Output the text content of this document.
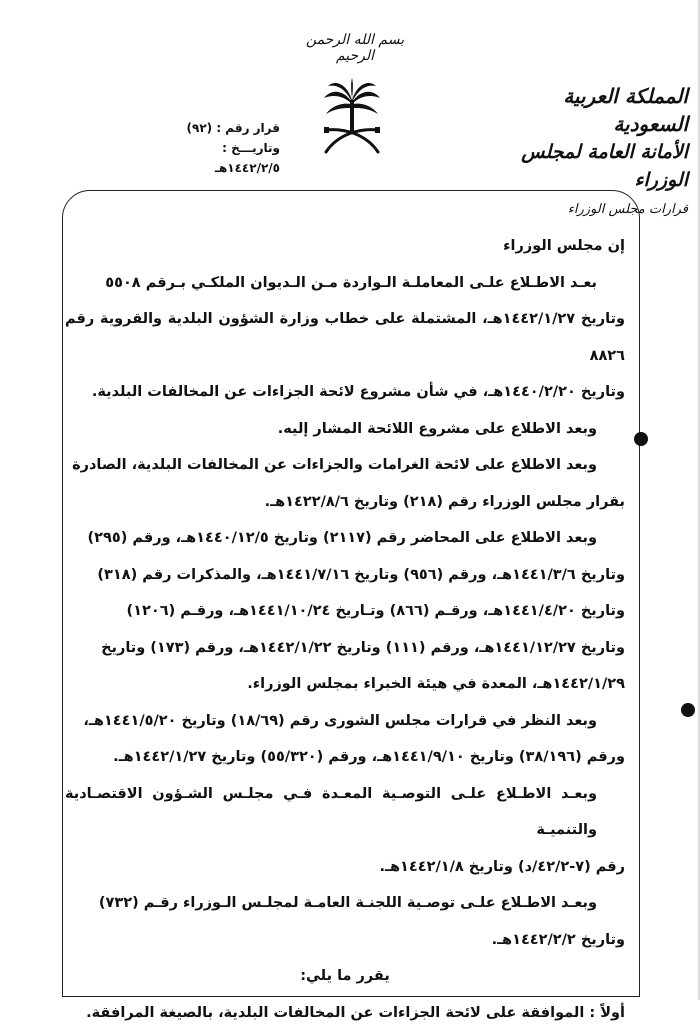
بسم الله الرحمن الرحيم
المملكة العربية السعودية
الأمانة العامة لمجلس الوزراء
قرارات مجلس الوزراء
قرار رقم : (٩٢)
وتاريـــخ : ١٤٤٢/٢/٥هـ

إن مجلس الوزراء

بعـد الاطـلاع علـى المعاملـة الـواردة مـن الـديوان الملكـي بـرقم ٥٥٠٨

وتاريخ ١٤٤٢/١/٢٧هـ، المشتملة على خطاب وزارة الشؤون البلدية والقروية رقم ٨٨٢٦

وتاريخ ١٤٤٠/٢/٢٠هـ، في شأن مشروع لائحة الجزاءات عن المخالفات البلدية.

وبعد الاطلاع على مشروع اللائحة المشار إليه.

وبعد الاطلاع على لائحة الغرامات والجزاءات عن المخالفات البلدية، الصادرة

بقرار مجلس الوزراء رقم (٢١٨) وتاريخ ١٤٢٢/٨/٦هـ.

وبعد الاطلاع على المحاضر رقم (٢١١٧) وتاريخ ١٤٤٠/١٢/٥هـ، ورقم (٢٩٥)

وتاريخ ١٤٤١/٣/٦هـ، ورقم (٩٥٦) وتاريخ ١٤٤١/٧/١٦هـ، والمذكرات رقم (٣١٨)

وتاريخ ١٤٤١/٤/٢٠هـ، ورقـم (٨٦٦) وتـاريخ ١٤٤١/١٠/٢٤هـ، ورقـم (١٢٠٦)

وتاريخ ١٤٤١/١٢/٢٧هـ، ورقم (١١١) وتاريخ ١٤٤٢/١/٢٢هـ، ورقم (١٧٣) وتاريخ

١٤٤٢/١/٢٩هـ، المعدة في هيئة الخبراء بمجلس الوزراء.

وبعد النظر في قرارات مجلس الشورى رقم (١٨/٦٩) وتاريخ ١٤٤١/٥/٢٠هـ،

ورقم (٣٨/١٩٦) وتاريخ ١٤٤١/٩/١٠هـ، ورقم (٥٥/٣٢٠) وتاريخ ١٤٤٢/١/٢٧هـ.

وبعـد الاطـلاع علـى التوصـية المعـدة فـي مجلـس الشـؤون الاقتصـادية والتنميـة

رقم (٧-٤٢/٢/د) وتاريخ ١٤٤٢/١/٨هـ.

وبعـد الاطـلاع علـى توصـية اللجنـة العامـة لمجلـس الـوزراء رقـم (٧٣٢)

وتاريخ ١٤٤٢/٢/٢هـ.

يقرر ما يلي:

أولاً : الموافقة على لائحة الجزاءات عن المخالفات البلدية، بالصيغة المرافقة.
